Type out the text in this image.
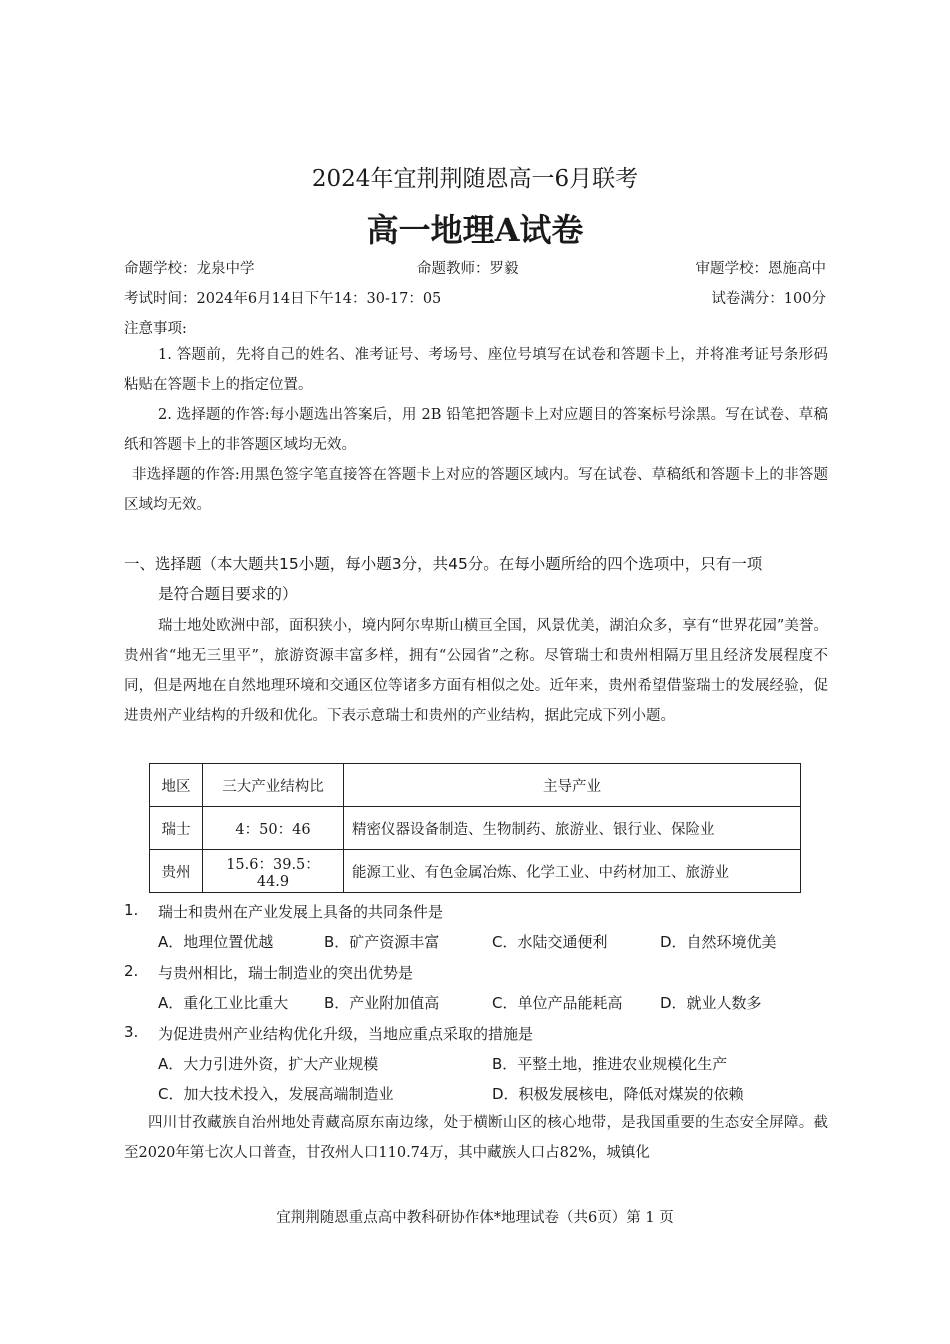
2024年宜荆荆随恩高一6月联考
高一地理A试卷
命题学校：龙泉中学	命题教师：罗毅	审题学校：恩施高中
考试时间：2024年6月14日下午14：30-17：05	试卷满分：100分
注意事项:
1. 答题前，先将自己的姓名、准考证号、考场号、座位号填写在试卷和答题卡上，并将准考证号条形码粘贴在答题卡上的指定位置。
2. 选择题的作答:每小题选出答案后，用 2B 铅笔把答题卡上对应题目的答案标号涂黑。写在试卷、草稿纸和答题卡上的非答题区域均无效。
非选择题的作答:用黑色签字笔直接答在答题卡上对应的答题区域内。写在试卷、草稿纸和答题卡上的非答题区域均无效。
一、选择题（本大题共15小题，每小题3分，共45分。在每小题所给的四个选项中，只有一项
是符合题目要求的）
瑞士地处欧洲中部，面积狭小，境内阿尔卑斯山横亘全国，风景优美，湖泊众多，享有“世界花园”美誉。贵州省“地无三里平”，旅游资源丰富多样，拥有“公园省”之称。尽管瑞士和贵州相隔万里且经济发展程度不同，但是两地在自然地理环境和交通区位等诸多方面有相似之处。近年来，贵州希望借鉴瑞士的发展经验，促进贵州产业结构的升级和优化。下表示意瑞士和贵州的产业结构，据此完成下列小题。
地区	三大产业结构比	主导产业
瑞士	4：50：46	精密仪器设备制造、生物制药、旅游业、银行业、保险业
贵州	15.6：39.5：44.9	能源工业、有色金属冶炼、化学工业、中药材加工、旅游业
1. 瑞士和贵州在产业发展上具备的共同条件是
A．地理位置优越	B．矿产资源丰富	C．水陆交通便利	D．自然环境优美
2. 与贵州相比，瑞士制造业的突出优势是
A．重化工业比重大 B．产业附加值高	C．单位产品能耗高	D．就业人数多
3. 为促进贵州产业结构优化升级，当地应重点采取的措施是
A．大力引进外资，扩大产业规模	B．平整土地，推进农业规模化生产
C．加大技术投入，发展高端制造业	D．积极发展核电，降低对煤炭的依赖
四川甘孜藏族自治州地处青藏高原东南边缘，处于横断山区的核心地带，是我国重要的生态安全屏障。截至2020年第七次人口普查，甘孜州人口110.74万，其中藏族人口占82%，城镇化
宜荆荆随恩重点高中教科研协作体*地理试卷（共6页）第 1 页
